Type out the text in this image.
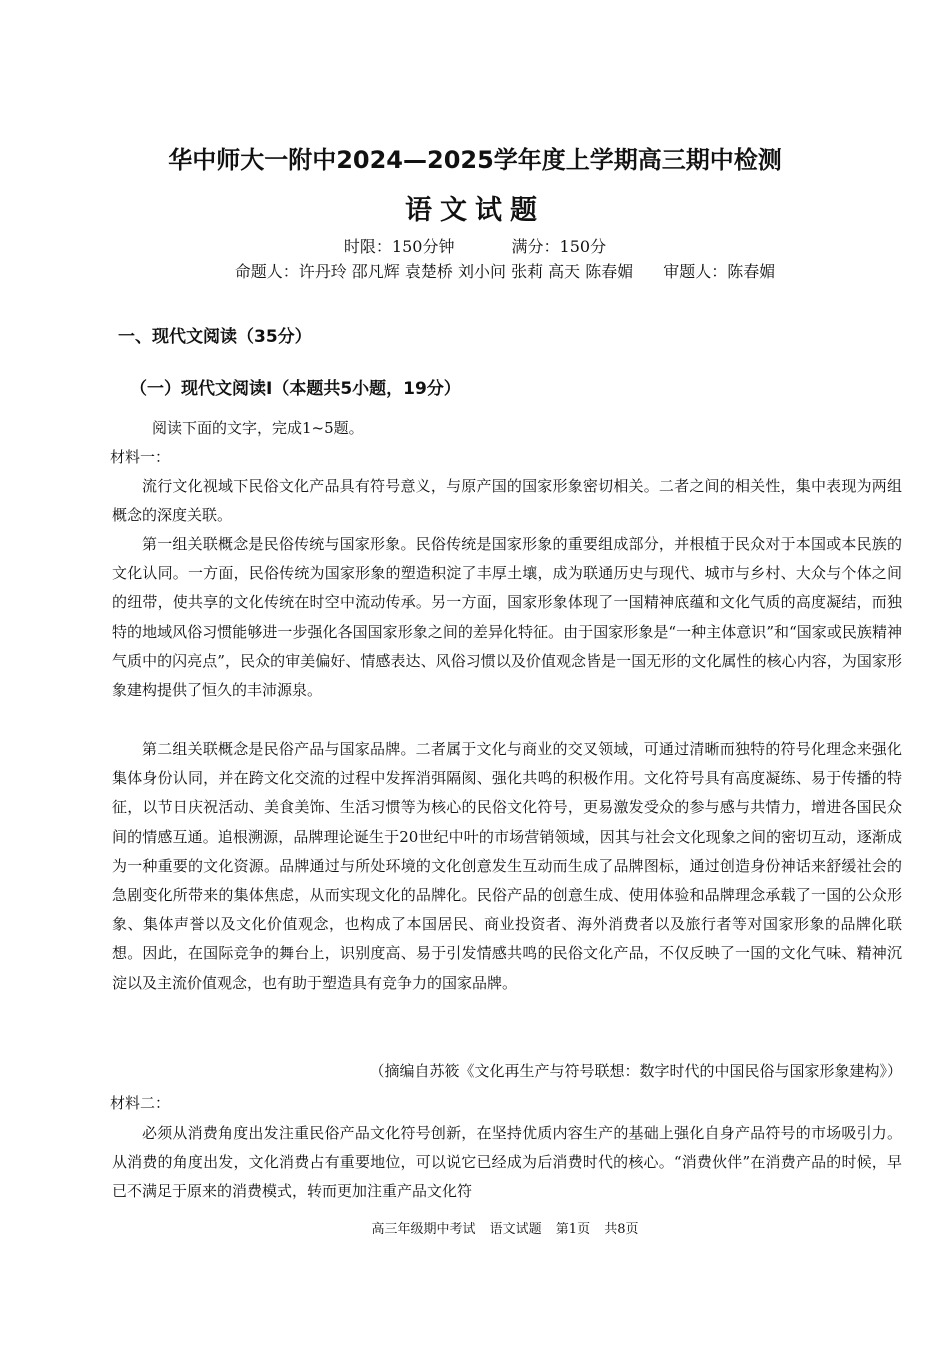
华中师大一附中2024—2025学年度上学期高三期中检测
语文试题
时限：150分钟	满分：150分
命题人：许丹玲 邵凡辉 袁楚桥 刘小问 张莉 高天 陈春媚 审题人：陈春媚
一、现代文阅读（35分）
（一）现代文阅读Ⅰ（本题共5小题，19分）
阅读下面的文字，完成1~5题。
材料一：

流行文化视域下民俗文化产品具有符号意义，与原产国的国家形象密切相关。二者之间的相关性，集中表现为两组概念的深度关联。

第一组关联概念是民俗传统与国家形象。民俗传统是国家形象的重要组成部分，并根植于民众对于本国或本民族的文化认同。一方面，民俗传统为国家形象的塑造积淀了丰厚土壤，成为联通历史与现代、城市与乡村、大众与个体之间的纽带，使共享的文化传统在时空中流动传承。另一方面，国家形象体现了一国精神底蕴和文化气质的高度凝结，而独特的地域风俗习惯能够进一步强化各国国家形象之间的差异化特征。由于国家形象是“一种主体意识”和“国家或民族精神气质中的闪亮点”，民众的审美偏好、情感表达、风俗习惯以及价值观念皆是一国无形的文化属性的核心内容，为国家形象建构提供了恒久的丰沛源泉。

第二组关联概念是民俗产品与国家品牌。二者属于文化与商业的交叉领域，可通过清晰而独特的符号化理念来强化集体身份认同，并在跨文化交流的过程中发挥消弭隔阂、强化共鸣的积极作用。文化符号具有高度凝练、易于传播的特征，以节日庆祝活动、美食美饰、生活习惯等为核心的民俗文化符号，更易激发受众的参与感与共情力，增进各国民众间的情感互通。追根溯源，品牌理论诞生于20世纪中叶的市场营销领域，因其与社会文化现象之间的密切互动，逐渐成为一种重要的文化资源。品牌通过与所处环境的文化创意发生互动而生成了品牌图标，通过创造身份神话来舒缓社会的急剧变化所带来的集体焦虑，从而实现文化的品牌化。民俗产品的创意生成、使用体验和品牌理念承载了一国的公众形象、集体声誉以及文化价值观念，也构成了本国居民、商业投资者、海外消费者以及旅行者等对国家形象的品牌化联想。因此，在国际竞争的舞台上，识别度高、易于引发情感共鸣的民俗文化产品，不仅反映了一国的文化气味、精神沉淀以及主流价值观念，也有助于塑造具有竞争力的国家品牌。

（摘编自苏筱《文化再生产与符号联想：数字时代的中国民俗与国家形象建构》）
材料二：

必须从消费角度出发注重民俗产品文化符号创新，在坚持优质内容生产的基础上强化自身产品符号的市场吸引力。从消费的角度出发，文化消费占有重要地位，可以说它已经成为后消费时代的核心。“消费伙伴”在消费产品的时候，早已不满足于原来的消费模式，转而更加注重产品文化符

高三年级期中考试 语文试题 第1页 共8页
